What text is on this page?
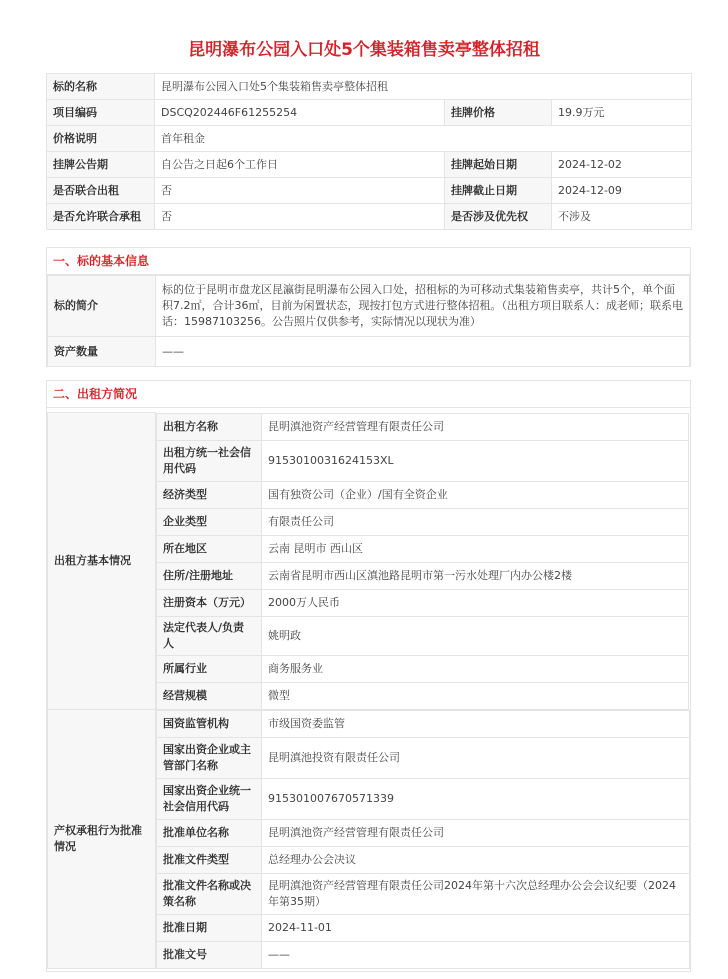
昆明瀑布公园入口处5个集装箱售卖亭整体招租
标的名称	昆明瀑布公园入口处5个集装箱售卖亭整体招租		
项目编码	DSCQ202446F61255254	挂牌价格	19.9万元
价格说明	首年租金		
挂牌公告期	自公告之日起6个工作日	挂牌起始日期	2024-12-02
是否联合出租	否	挂牌截止日期	2024-12-09
是否允许联合承租	否	是否涉及优先权	不涉及
一、标的基本信息
标的简介	标的位于昆明市盘龙区昆瀛街昆明瀑布公园入口处，招租标的为可移动式集装箱售卖亭，共计5个，单个面积7.2㎡，合计36㎡，目前为闲置状态，现按打包方式进行整体招租。（出租方项目联系人：成老师；联系电话：15987103256。公告照片仅供参考，实际情况以现状为准）
资产数量	——
二、出租方简况
出租方基本情况	
出租方名称	昆明滇池资产经营管理有限责任公司
出租方统一社会信用代码	9153010031624153XL
经济类型	国有独资公司（企业）/国有全资企业
企业类型	有限责任公司
所在地区	云南 昆明市 西山区
住所/注册地址	云南省昆明市西山区滇池路昆明市第一污水处理厂内办公楼2楼
注册资本（万元）	2000万人民币
法定代表人/负责人	姚明政
所属行业	商务服务业
经营规模	微型

产权承租行为批准情况	
国资监管机构	市级国资委监管
国家出资企业或主管部门名称	昆明滇池投资有限责任公司
国家出资企业统一社会信用代码	915301007670571339
批准单位名称	昆明滇池资产经营管理有限责任公司
批准文件类型	总经理办公会决议
批准文件名称或决策名称	昆明滇池资产经营管理有限责任公司2024年第十六次总经理办公会会议纪要（2024年第35期）
批准日期	2024-11-01
批准文号	——
